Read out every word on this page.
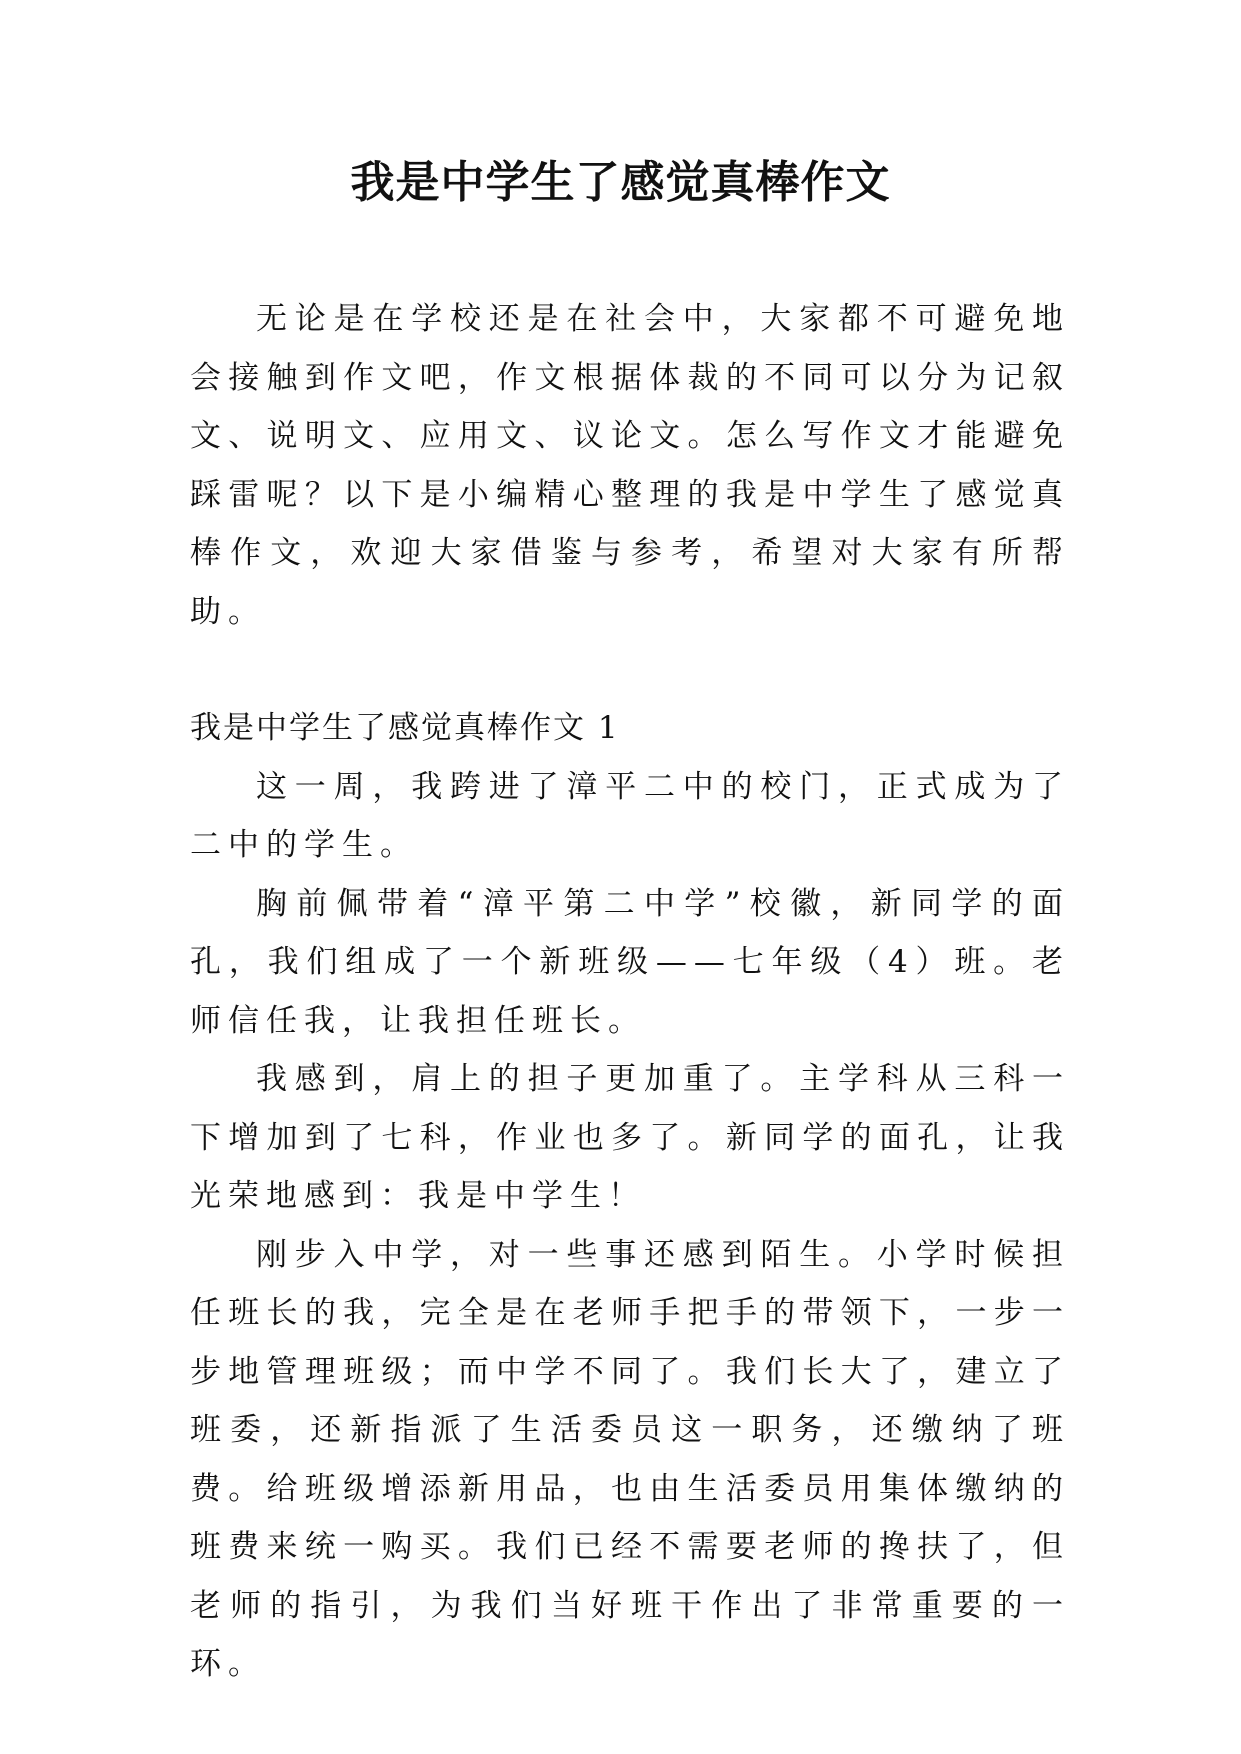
我是中学生了感觉真棒作文

无论是在学校还是在社会中，大家都不可避免地会接触到作文吧，作文根据体裁的不同可以分为记叙文、说明文、应用文、议论文。怎么写作文才能避免踩雷呢？以下是小编精心整理的我是中学生了感觉真棒作文，欢迎大家借鉴与参考，希望对大家有所帮助。

我是中学生了感觉真棒作文 1

这一周，我跨进了漳平二中的校门，正式成为了二中的学生。

胸前佩带着“漳平第二中学”校徽，新同学的面孔，我们组成了一个新班级——七年级（4）班。老师信任我，让我担任班长。

我感到，肩上的担子更加重了。主学科从三科一下增加到了七科，作业也多了。新同学的面孔，让我光荣地感到：我是中学生！

刚步入中学，对一些事还感到陌生。小学时候担任班长的我，完全是在老师手把手的带领下，一步一步地管理班级；而中学不同了。我们长大了，建立了班委，还新指派了生活委员这一职务，还缴纳了班费。给班级增添新用品，也由生活委员用集体缴纳的班费来统一购买。我们已经不需要老师的搀扶了，但老师的指引，为我们当好班干作出了非常重要的一环。
